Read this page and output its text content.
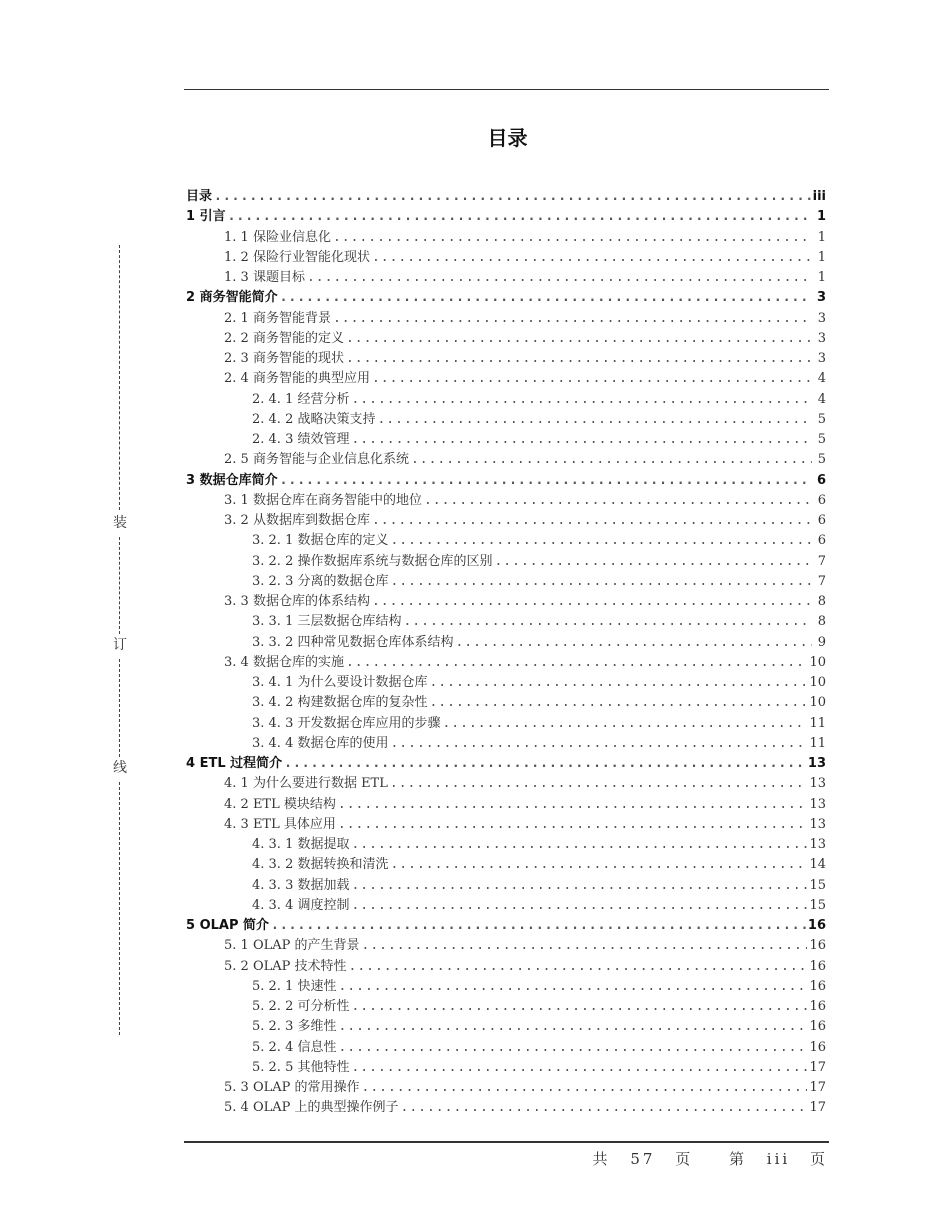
目录
目录 .....	iii
1 引言 .....	1
1. 1 保险业信息化 .....	1
1. 2 保险行业智能化现状 .....	1
1. 3 课题目标 .....	1
2 商务智能简介 .....	3
2. 1 商务智能背景 .....	3
2. 2 商务智能的定义 .....	3
2. 3 商务智能的现状 .....	3
2. 4 商务智能的典型应用 .....	4
2. 4. 1 经营分析 .....	4
2. 4. 2 战略决策支持 .....	5
2. 4. 3 绩效管理 .....	5
2. 5 商务智能与企业信息化系统 .....	5
3 数据仓库简介 .....	6
3. 1 数据仓库在商务智能中的地位 .....	6
3. 2 从数据库到数据仓库 .....	6
3. 2. 1 数据仓库的定义 .....	6
3. 2. 2 操作数据库系统与数据仓库的区别 .....	7
3. 2. 3 分离的数据仓库 .....	7
3. 3 数据仓库的体系结构 .....	8
3. 3. 1 三层数据仓库结构 .....	8
3. 3. 2 四种常见数据仓库体系结构 .....	9
3. 4 数据仓库的实施 .....	10
3. 4. 1 为什么要设计数据仓库 .....	10
3. 4. 2 构建数据仓库的复杂性 .....	10
3. 4. 3 开发数据仓库应用的步骤 .....	11
3. 4. 4 数据仓库的使用 .....	11
4 ETL 过程简介 .....	13
4. 1 为什么要进行数据 ETL .....	13
4. 2 ETL 模块结构 .....	13
4. 3 ETL 具体应用 .....	13
4. 3. 1 数据提取 .....	13
4. 3. 2 数据转换和清洗 .....	14
4. 3. 3 数据加载 .....	15
4. 3. 4 调度控制 .....	15
5 OLAP 简介 .....	16
5. 1 OLAP 的产生背景 .....	16
5. 2 OLAP 技术特性 .....	16
5. 2. 1 快速性 .....	16
5. 2. 2 可分析性 .....	16
5. 2. 3 多维性 .....	16
5. 2. 4 信息性 .....	16
5. 2. 5 其他特性 .....	17
5. 3 OLAP 的常用操作 .....	17
5. 4 OLAP 上的典型操作例子 .....	17
装
订
线
共 57 页 第 iii 页
